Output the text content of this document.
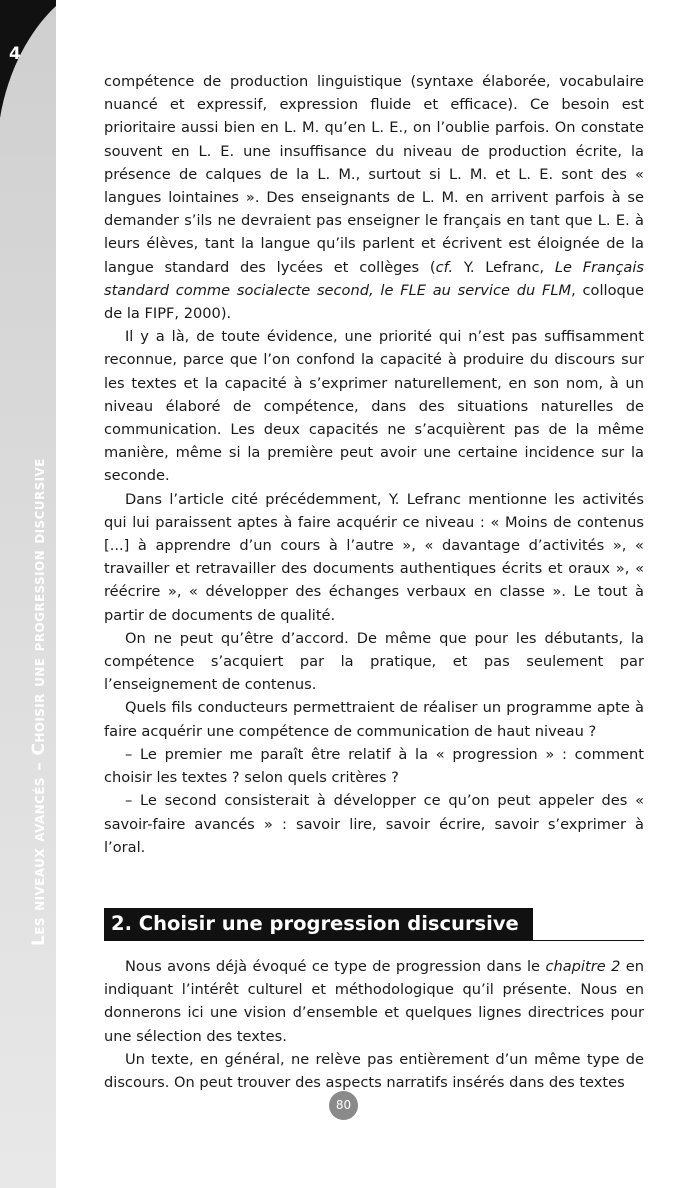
4
Les niveaux avancés – Choisir une progression discursive

compétence de production linguistique (syntaxe élaborée, vocabulaire nuancé et expressif, expression fluide et efficace). Ce besoin est prioritaire aussi bien en L. M. qu’en L. E., on l’oublie parfois. On constate souvent en L. E. une insuffisance du niveau de production écrite, la présence de calques de la L. M., surtout si L. M. et L. E. sont des « langues lointaines ». Des enseignants de L. M. en arrivent parfois à se demander s’ils ne devraient pas enseigner le français en tant que L. E. à leurs élèves, tant la langue qu’ils parlent et écrivent est éloignée de la langue standard des lycées et collèges (cf. Y. Lefranc, Le Français standard comme socialecte second, le FLE au service du FLM, colloque de la FIPF, 2000).

Il y a là, de toute évidence, une priorité qui n’est pas suffisamment reconnue, parce que l’on confond la capacité à produire du discours sur les textes et la capacité à s’exprimer naturellement, en son nom, à un niveau élaboré de compétence, dans des situations naturelles de communication. Les deux capacités ne s’acquièrent pas de la même manière, même si la première peut avoir une certaine incidence sur la seconde.

Dans l’article cité précédemment, Y. Lefranc mentionne les activités qui lui paraissent aptes à faire acquérir ce niveau : « Moins de contenus [...] à apprendre d’un cours à l’autre », « davantage d’activités », « travailler et retravailler des documents authentiques écrits et oraux », « réécrire », « développer des échanges verbaux en classe ». Le tout à partir de documents de qualité.

On ne peut qu’être d’accord. De même que pour les débutants, la compétence s’acquiert par la pratique, et pas seulement par l’enseignement de contenus.

Quels fils conducteurs permettraient de réaliser un programme apte à faire acquérir une compétence de communication de haut niveau ?

– Le premier me paraît être relatif à la « progression » : comment choisir les textes ? selon quels critères ?

– Le second consisterait à développer ce qu’on peut appeler des « savoir-faire avancés » : savoir lire, savoir écrire, savoir s’exprimer à l’oral.

2. Choisir une progression discursive

Nous avons déjà évoqué ce type de progression dans le chapitre 2 en indiquant l’intérêt culturel et méthodologique qu’il présente. Nous en donnerons ici une vision d’ensemble et quelques lignes directrices pour une sélection des textes.

Un texte, en général, ne relève pas entièrement d’un même type de discours. On peut trouver des aspects narratifs insérés dans des textes

80
